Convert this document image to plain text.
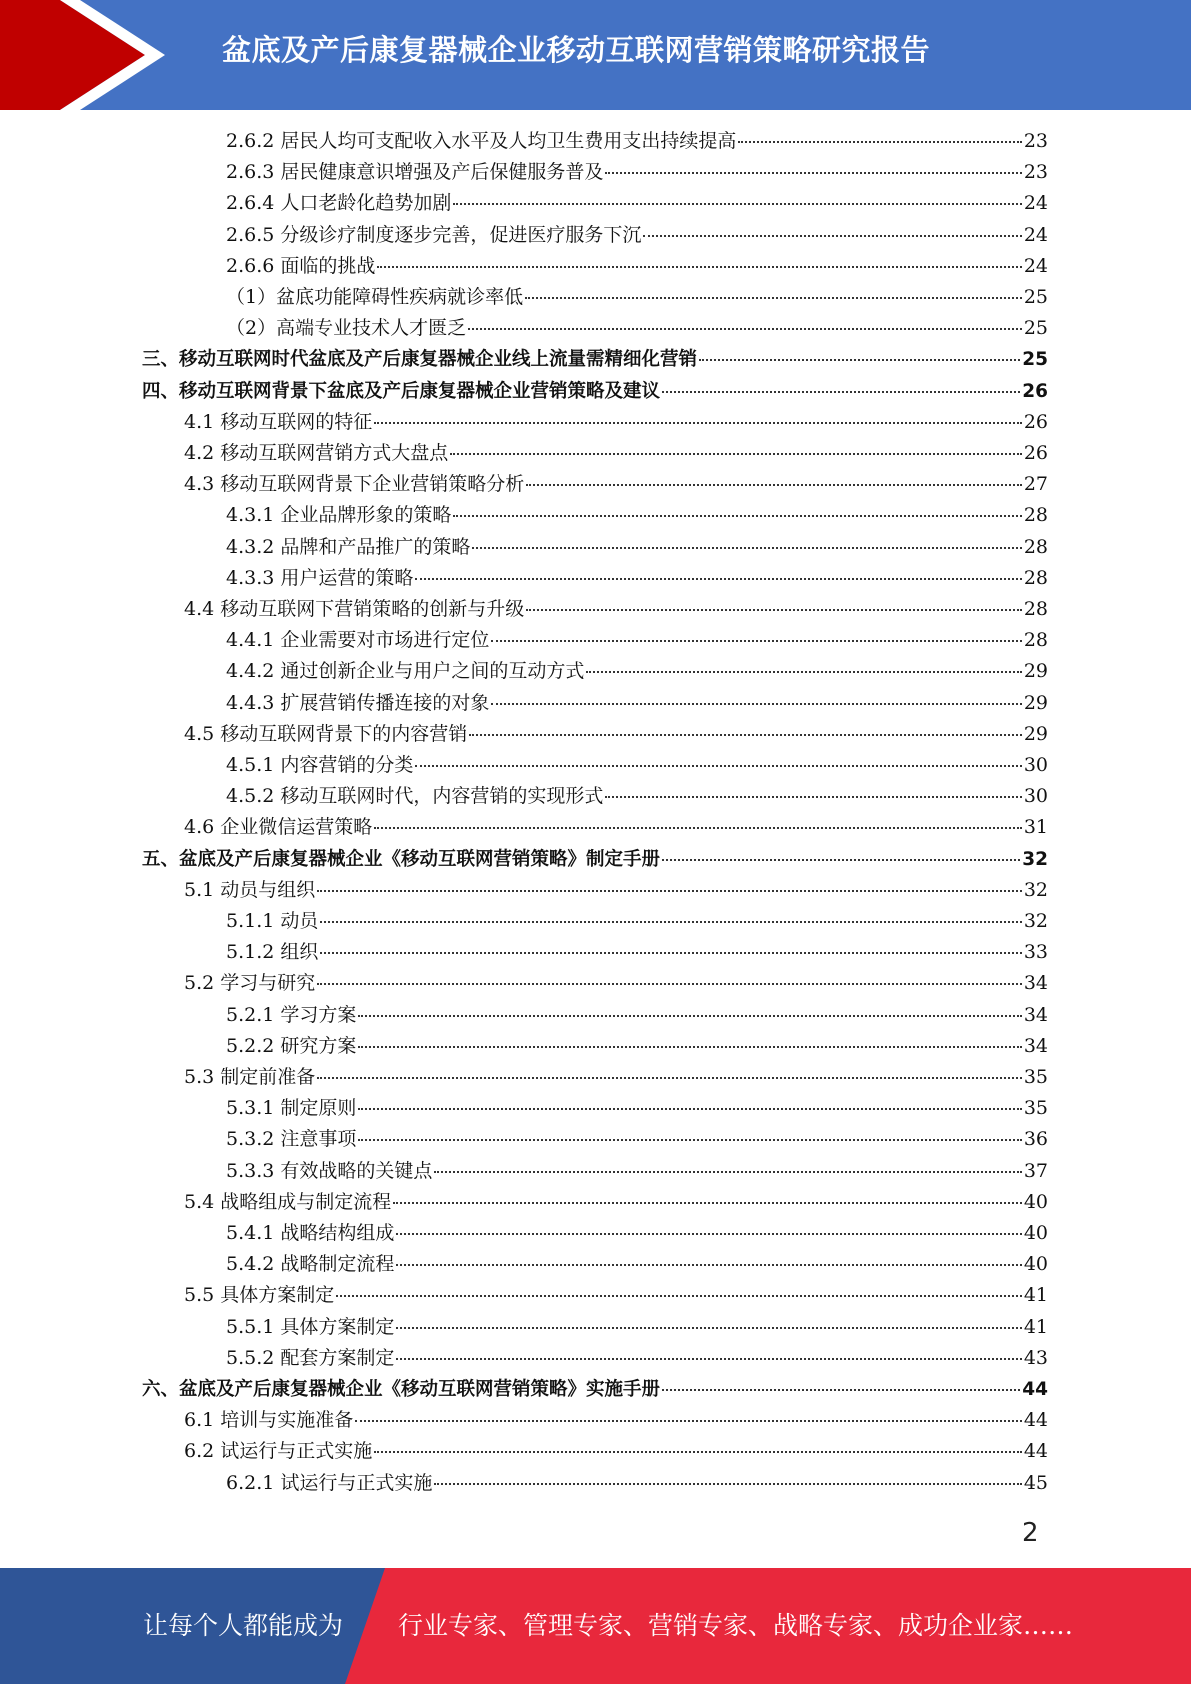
盆底及产后康复器械企业移动互联网营销策略研究报告
2.6.2 居民人均可支配收入水平及人均卫生费用支出持续提高	23
2.6.3 居民健康意识增强及产后保健服务普及	23
2.6.4 人口老龄化趋势加剧	24
2.6.5 分级诊疗制度逐步完善，促进医疗服务下沉	24
2.6.6 面临的挑战	24
（1）盆底功能障碍性疾病就诊率低	25
（2）高端专业技术人才匮乏	25
三、移动互联网时代盆底及产后康复器械企业线上流量需精细化营销	25
四、移动互联网背景下盆底及产后康复器械企业营销策略及建议	26
4.1 移动互联网的特征	26
4.2 移动互联网营销方式大盘点	26
4.3 移动互联网背景下企业营销策略分析	27
4.3.1 企业品牌形象的策略	28
4.3.2 品牌和产品推广的策略	28
4.3.3 用户运营的策略	28
4.4 移动互联网下营销策略的创新与升级	28
4.4.1 企业需要对市场进行定位	28
4.4.2 通过创新企业与用户之间的互动方式	29
4.4.3 扩展营销传播连接的对象	29
4.5 移动互联网背景下的内容营销	29
4.5.1 内容营销的分类	30
4.5.2 移动互联网时代，内容营销的实现形式	30
4.6 企业微信运营策略	31
五、盆底及产后康复器械企业《移动互联网营销策略》制定手册	32
5.1 动员与组织	32
5.1.1 动员	32
5.1.2 组织	33
5.2 学习与研究	34
5.2.1 学习方案	34
5.2.2 研究方案	34
5.3 制定前准备	35
5.3.1 制定原则	35
5.3.2 注意事项	36
5.3.3 有效战略的关键点	37
5.4 战略组成与制定流程	40
5.4.1 战略结构组成	40
5.4.2 战略制定流程	40
5.5 具体方案制定	41
5.5.1 具体方案制定	41
5.5.2 配套方案制定	43
六、盆底及产后康复器械企业《移动互联网营销策略》实施手册	44
6.1 培训与实施准备	44
6.2 试运行与正式实施	44
6.2.1 试运行与正式实施	45
2
让每个人都能成为 行业专家、管理专家、营销专家、战略专家、成功企业家……
